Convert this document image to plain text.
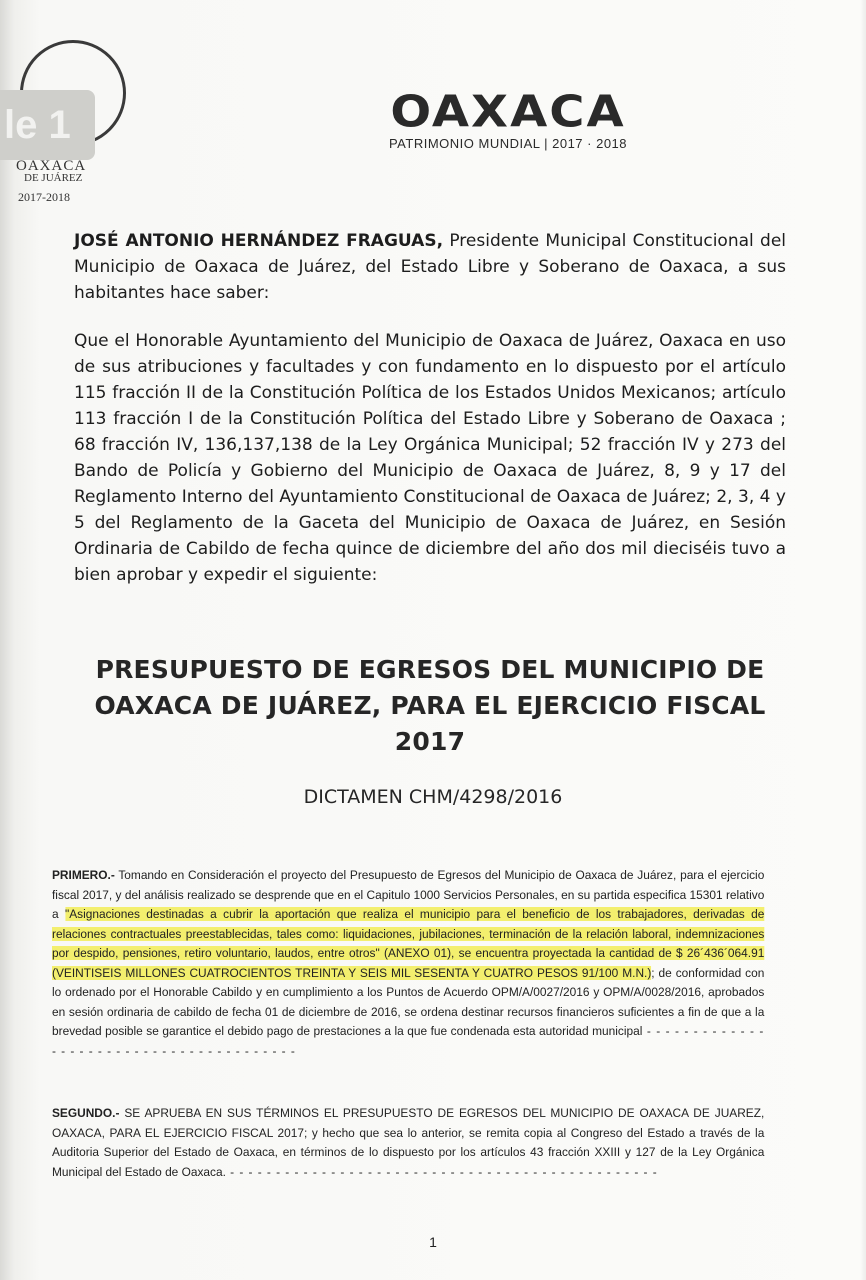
le 1
OAXACA
DE JUÁREZ
2017-2018
OAXACA
PATRIMONIO MUNDIAL | 2017 · 2018

JOSÉ ANTONIO HERNÁNDEZ FRAGUAS, Presidente Municipal Constitucional del Municipio de Oaxaca de Juárez, del Estado Libre y Soberano de Oaxaca, a sus habitantes hace saber:

Que el Honorable Ayuntamiento del Municipio de Oaxaca de Juárez, Oaxaca en uso de sus atribuciones y facultades y con fundamento en lo dispuesto por el artículo 115 fracción II de la Constitución Política de los Estados Unidos Mexicanos; artículo 113 fracción I de la Constitución Política del Estado Libre y Soberano de Oaxaca ; 68 fracción IV, 136,137,138 de la Ley Orgánica Municipal; 52 fracción IV y 273 del Bando de Policía y Gobierno del Municipio de Oaxaca de Juárez, 8, 9 y 17 del Reglamento Interno del Ayuntamiento Constitucional de Oaxaca de Juárez; 2, 3, 4 y 5 del Reglamento de la Gaceta del Municipio de Oaxaca de Juárez, en Sesión Ordinaria de Cabildo de fecha quince de diciembre del año dos mil dieciséis tuvo a bien aprobar y expedir el siguiente:

PRESUPUESTO DE EGRESOS DEL MUNICIPIO DE
OAXACA DE JUÁREZ, PARA EL EJERCICIO FISCAL 2017

DICTAMEN CHM/4298/2016

PRIMERO.- Tomando en Consideración el proyecto del Presupuesto de Egresos del Municipio de Oaxaca de Juárez, para el ejercicio fiscal 2017, y del análisis realizado se desprende que en el Capitulo 1000 Servicios Personales, en su partida especifica 15301 relativo a "Asignaciones destinadas a cubrir la aportación que realiza el municipio para el beneficio de los trabajadores, derivadas de relaciones contractuales preestablecidas, tales como: liquidaciones, jubilaciones, terminación de la relación laboral, indemnizaciones por despido, pensiones, retiro voluntario, laudos, entre otros" (ANEXO 01), se encuentra proyectada la cantidad de $ 26´436´064.91 (VEINTISEIS MILLONES CUATROCIENTOS TREINTA Y SEIS MIL SESENTA Y CUATRO PESOS 91/100 M.N.); de conformidad con lo ordenado por el Honorable Cabildo y en cumplimiento a los Puntos de Acuerdo OPM/A/0027/2016 y OPM/A/0028/2016, aprobados en sesión ordinaria de cabildo de fecha 01 de diciembre de 2016, se ordena destinar recursos financieros suficientes a fin de que a la brevedad posible se garantice el debido pago de prestaciones a la que fue condenada esta autoridad municipal - - - - - - - - - - - - - - - - - - - - - - - - - - - - - - - - - - - - - - - -

SEGUNDO.- SE APRUEBA EN SUS TÉRMINOS EL PRESUPUESTO DE EGRESOS DEL MUNICIPIO DE OAXACA DE JUAREZ, OAXACA, PARA EL EJERCICIO FISCAL 2017; y hecho que sea lo anterior, se remita copia al Congreso del Estado a través de la Auditoria Superior del Estado de Oaxaca, en términos de lo dispuesto por los artículos 43 fracción XXIII y 127 de la Ley Orgánica Municipal del Estado de Oaxaca. - - - - - - - - - - - - - - - - - - - - - - - - - - - - - - - - - - - - - - - - - - - - - - -

1
